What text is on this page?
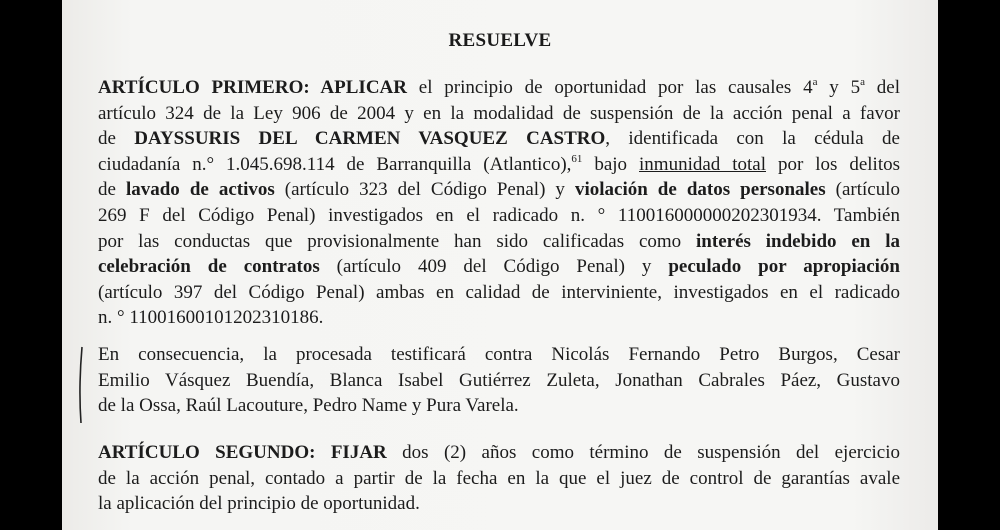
RESUELVE
ARTÍCULO PRIMERO: APLICAR el principio de oportunidad por las causales 4$^a$ y 5$^a$ del
artículo 324 de la Ley 906 de 2004 y en la modalidad de suspensión de la acción penal a favor
de DAYSSURIS DEL CARMEN VASQUEZ CASTRO, identificada con la cédula de
ciudadanía n.° 1.045.698.114 de Barranquilla (Atlantico),$^{61}$ bajo inmunidad total por los delitos
de lavado de activos (artículo 323 del Código Penal) y violación de datos personales (artículo
269 F del Código Penal) investigados en el radicado n. ° 110016000000202301934. También
por las conductas que provisionalmente han sido calificadas como interés indebido en la
celebración de contratos (artículo 409 del Código Penal) y peculado por apropiación
(artículo 397 del Código Penal) ambas en calidad de interviniente, investigados en el radicado
n. ° 11001600101202310186.
En consecuencia, la procesada testificará contra Nicolás Fernando Petro Burgos, Cesar
Emilio Vásquez Buendía, Blanca Isabel Gutiérrez Zuleta, Jonathan Cabrales Páez, Gustavo
de la Ossa, Raúl Lacouture, Pedro Name y Pura Varela.
ARTÍCULO SEGUNDO: FIJAR dos (2) años como término de suspensión del ejercicio
de la acción penal, contado a partir de la fecha en la que el juez de control de garantías avale
la aplicación del principio de oportunidad.
